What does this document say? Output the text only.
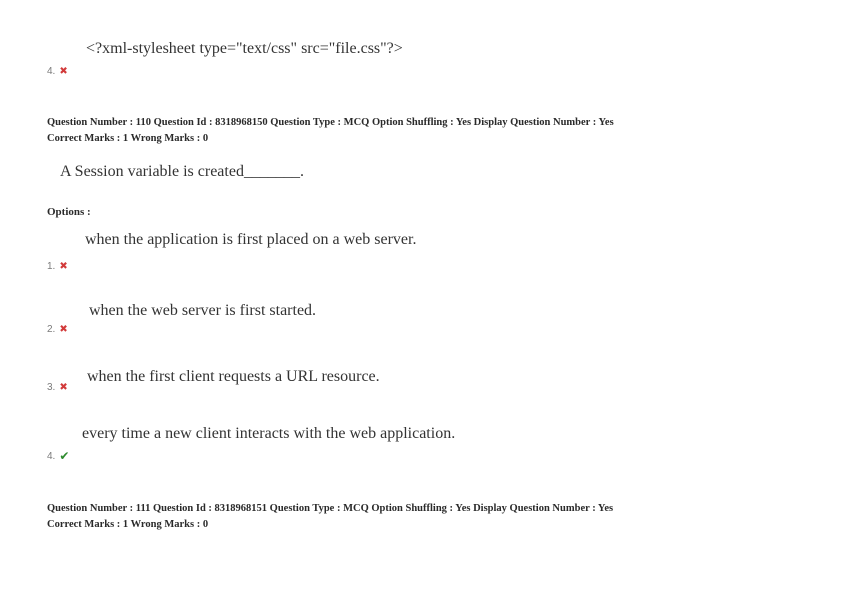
<?xml-stylesheet type="text/css" src="file.css"?>
4. ✖
Question Number : 110 Question Id : 8318968150 Question Type : MCQ Option Shuffling : Yes Display Question Number : Yes
Correct Marks : 1 Wrong Marks : 0
A Session variable is created_______.
Options :
when the application is first placed on a web server.
1. ✖
when the web server is first started.
2. ✖
when the first client requests a URL resource.
3. ✖
every time a new client interacts with the web application.
4. ✔
Question Number : 111 Question Id : 8318968151 Question Type : MCQ Option Shuffling : Yes Display Question Number : Yes
Correct Marks : 1 Wrong Marks : 0
